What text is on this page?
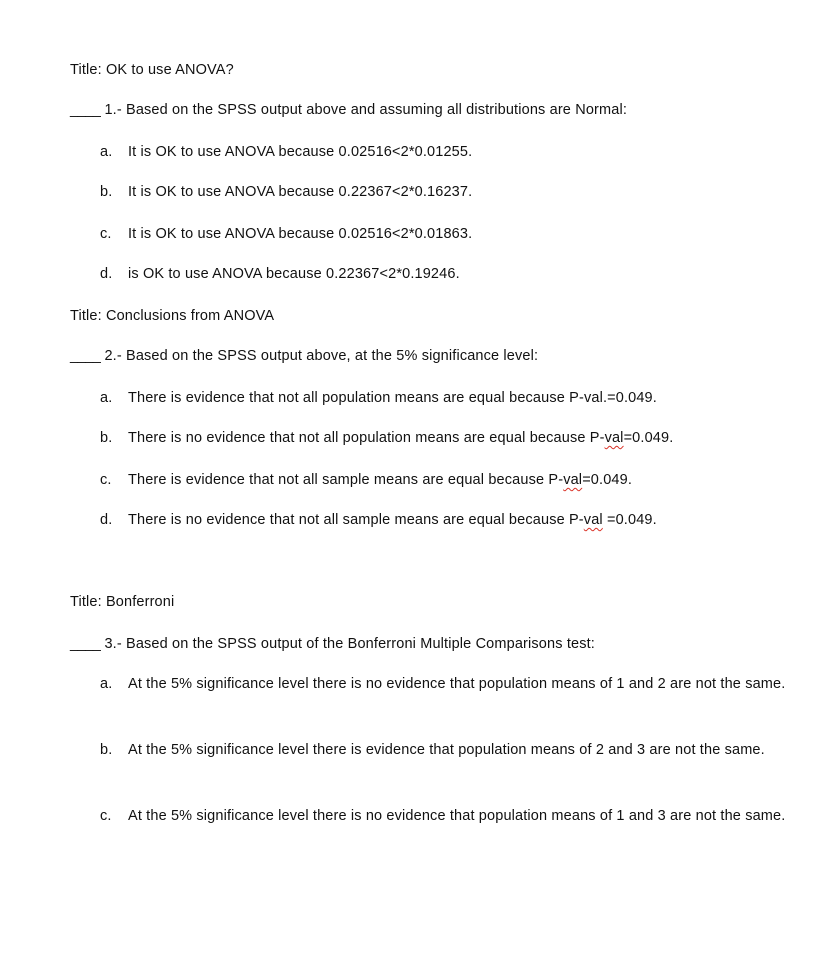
Title: OK to use ANOVA?
____ 1.- Based on the SPSS output above and assuming all distributions are Normal:
a. It is OK to use ANOVA because 0.02516<2*0.01255.
b. It is OK to use ANOVA because 0.22367<2*0.16237.
c. It is OK to use ANOVA because 0.02516<2*0.01863.
d. is OK to use ANOVA because 0.22367<2*0.19246.
Title: Conclusions from ANOVA
____ 2.- Based on the SPSS output above, at the 5% significance level:
a. There is evidence that not all population means are equal because P-val.=0.049.
b. There is no evidence that not all population means are equal because P-val=0.049.
c. There is evidence that not all sample means are equal because P-val=0.049.
d. There is no evidence that not all sample means are equal because P-val =0.049.
Title: Bonferroni
____ 3.- Based on the SPSS output of the Bonferroni Multiple Comparisons test:
a. At the 5% significance level there is no evidence that population means of 1 and 2 are not the same.
b. At the 5% significance level there is evidence that population means of 2 and 3 are not the same.
c. At the 5% significance level there is no evidence that population means of 1 and 3 are not the same.
